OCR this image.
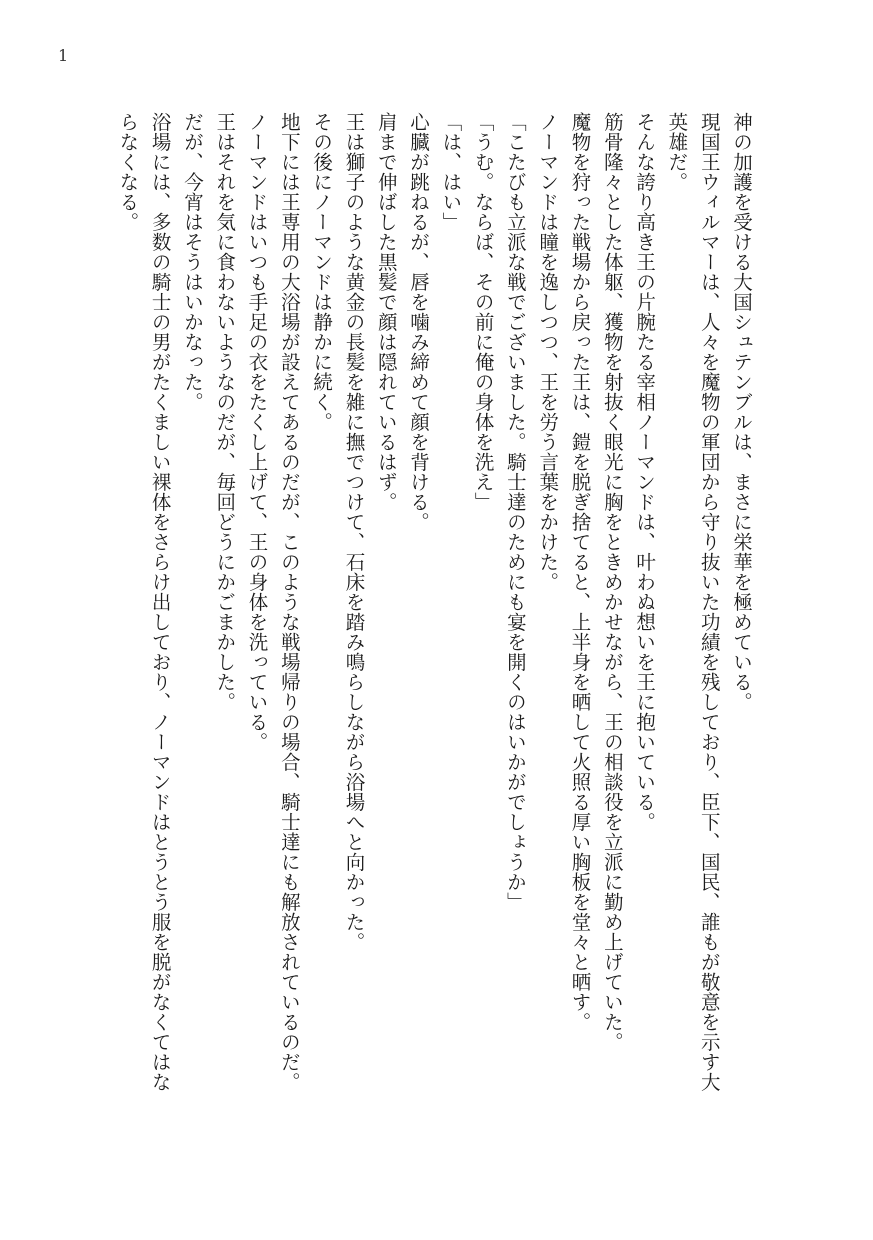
1

神の加護を受ける大国シュテンブルは、まさに栄華を極めている。

現国王ウィルマーは、人々を魔物の軍団から守り抜いた功績を残しており、臣下、国民、誰もが敬意を示す大

英雄だ。

そんな誇り高き王の片腕たる宰相ノーマンドは、叶わぬ想いを王に抱いている。

筋骨隆々とした体躯、獲物を射抜く眼光に胸をときめかせながら、王の相談役を立派に勤め上げていた。

魔物を狩った戦場から戻った王は、鎧を脱ぎ捨てると、上半身を晒して火照る厚い胸板を堂々と晒す。

ノーマンドは瞳を逸しつつ、王を労う言葉をかけた。

「こたびも立派な戦でございました。騎士達のためにも宴を開くのはいかがでしょうか」

「うむ。ならば、その前に俺の身体を洗え」

「は、はい」

心臓が跳ねるが、唇を噛み締めて顔を背ける。

肩まで伸ばした黒髪で顔は隠れているはず。

王は獅子のような黄金の長髪を雑に撫でつけて、石床を踏み鳴らしながら浴場へと向かった。

その後にノーマンドは静かに続く。

地下には王専用の大浴場が設えてあるのだが、このような戦場帰りの場合、騎士達にも解放されているのだ。

ノーマンドはいつも手足の衣をたくし上げて、王の身体を洗っている。

王はそれを気に食わないようなのだが、毎回どうにかごまかした。

だが、今宵はそうはいかなった。

浴場には、多数の騎士の男がたくましい裸体をさらけ出しており、ノーマンドはとうとう服を脱がなくてはな

らなくなる。
